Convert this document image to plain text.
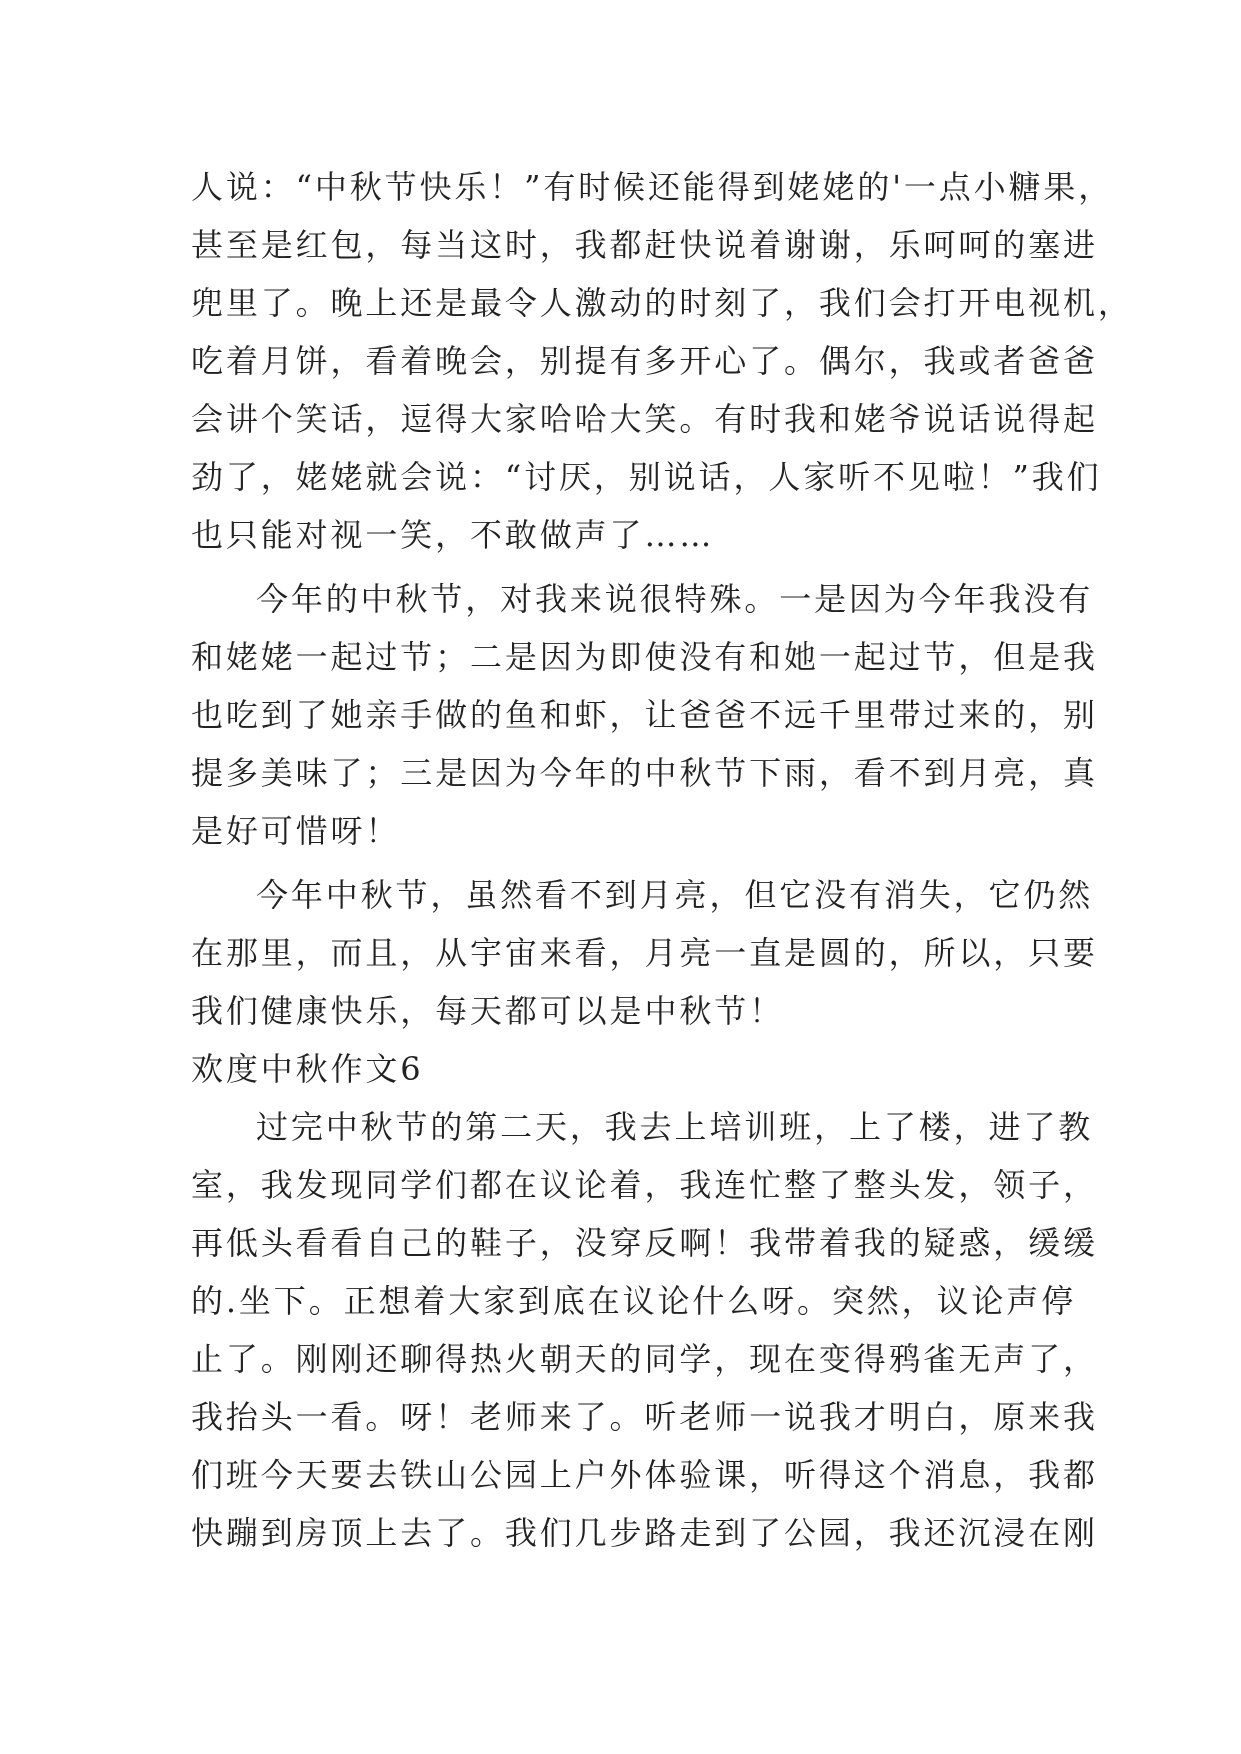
人说：“中秋节快乐！”有时候还能得到姥姥的'一点小糖果，
甚至是红包，每当这时，我都赶快说着谢谢，乐呵呵的塞进
兜里了。晚上还是最令人激动的时刻了，我们会打开电视机，
吃着月饼，看着晚会，别提有多开心了。偶尔，我或者爸爸
会讲个笑话，逗得大家哈哈大笑。有时我和姥爷说话说得起
劲了，姥姥就会说：“讨厌，别说话，人家听不见啦！”我们
也只能对视一笑，不敢做声了……
今年的中秋节，对我来说很特殊。一是因为今年我没有
和姥姥一起过节；二是因为即使没有和她一起过节，但是我
也吃到了她亲手做的鱼和虾，让爸爸不远千里带过来的，别
提多美味了；三是因为今年的中秋节下雨，看不到月亮，真
是好可惜呀！
今年中秋节，虽然看不到月亮，但它没有消失，它仍然
在那里，而且，从宇宙来看，月亮一直是圆的，所以，只要
我们健康快乐，每天都可以是中秋节！
欢度中秋作文6
过完中秋节的第二天，我去上培训班，上了楼，进了教
室，我发现同学们都在议论着，我连忙整了整头发，领子，
再低头看看自己的鞋子，没穿反啊！我带着我的疑惑，缓缓
的.坐下。正想着大家到底在议论什么呀。突然，议论声停
止了。刚刚还聊得热火朝天的同学，现在变得鸦雀无声了，
我抬头一看。呀！老师来了。听老师一说我才明白，原来我
们班今天要去铁山公园上户外体验课，听得这个消息，我都
快蹦到房顶上去了。我们几步路走到了公园，我还沉浸在刚
